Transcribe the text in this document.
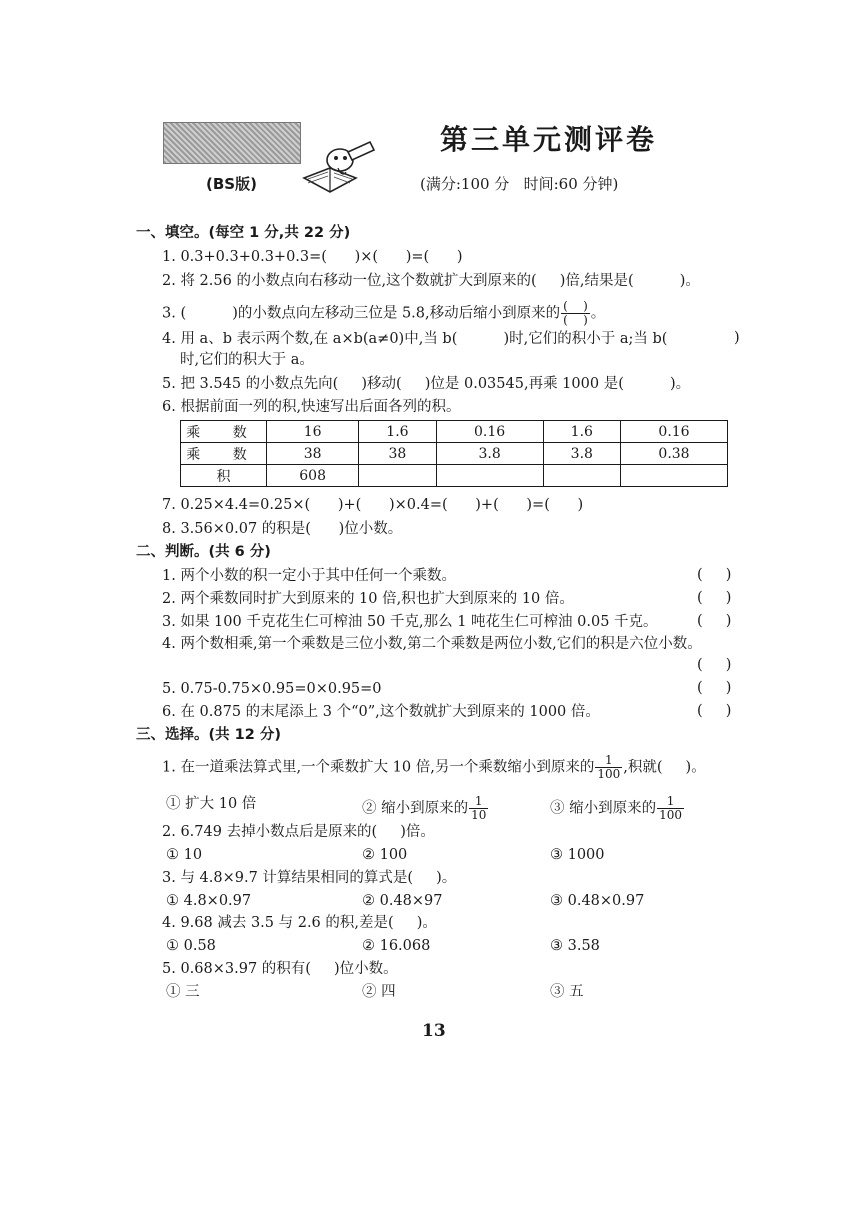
第三单元测评卷
(BS版)	(满分:100 分   时间:60 分钟)
一、填空。(每空 1 分,共 22 分)
1. 0.3+0.3+0.3+0.3=(      )×(      )=(      )
2. 将 2.56 的小数点向右移动一位,这个数就扩大到原来的(     )倍,结果是(          )。
3. (          )的小数点向左移动三位是 5.8,移动后缩小到原来的 $\frac{( )}{( )}$ 。
4. 用 a、b 表示两个数,在 a×b(a≠0)中,当 b(          )时,它们的积小于 a;当 b(	)
时,它们的积大于 a。
5. 把 3.545 的小数点先向(     )移动(     )位是 0.03545,再乘 1000 是(          )。
6. 根据前面一列的积,快速写出后面各列的积。
乘 数	16	1.6	0.16	1.6	0.16
乘 数	38	38	3.8	3.8	0.38
积	608				
7. 0.25×4.4=0.25×(      )+(      )×0.4=(      )+(      )=(      )
8. 3.56×0.07 的积是(      )位小数。
二、判断。(共 6 分)
1. 两个小数的积一定小于其中任何一个乘数。	(     )
2. 两个乘数同时扩大到原来的 10 倍,积也扩大到原来的 10 倍。	(     )
3. 如果 100 千克花生仁可榨油 50 千克,那么 1 吨花生仁可榨油 0.05 千克。	(     )
4. 两个数相乘,第一个乘数是三位小数,第二个乘数是两位小数,它们的积是六位小数。
(     )
5. 0.75-0.75×0.95=0×0.95=0	(     )
6. 在 0.875 的末尾添上 3 个“0”,这个数就扩大到原来的 1000 倍。	(     )
三、选择。(共 12 分)
1. 在一道乘法算式里,一个乘数扩大 10 倍,另一个乘数缩小到原来的 $\frac{1}{100}$ ,积就(     )。
① 扩大 10 倍	② 缩小到原来的 $\frac{1}{10}$	③ 缩小到原来的 $\frac{1}{100}$
2. 6.749 去掉小数点后是原来的(     )倍。
① 10	② 100	③ 1000
3. 与 4.8×9.7 计算结果相同的算式是(     )。
① 4.8×0.97	② 0.48×97	③ 0.48×0.97
4. 9.68 减去 3.5 与 2.6 的积,差是(     )。
① 0.58	② 16.068	③ 3.58
5. 0.68×3.97 的积有(     )位小数。
① 三	② 四	③ 五
13
